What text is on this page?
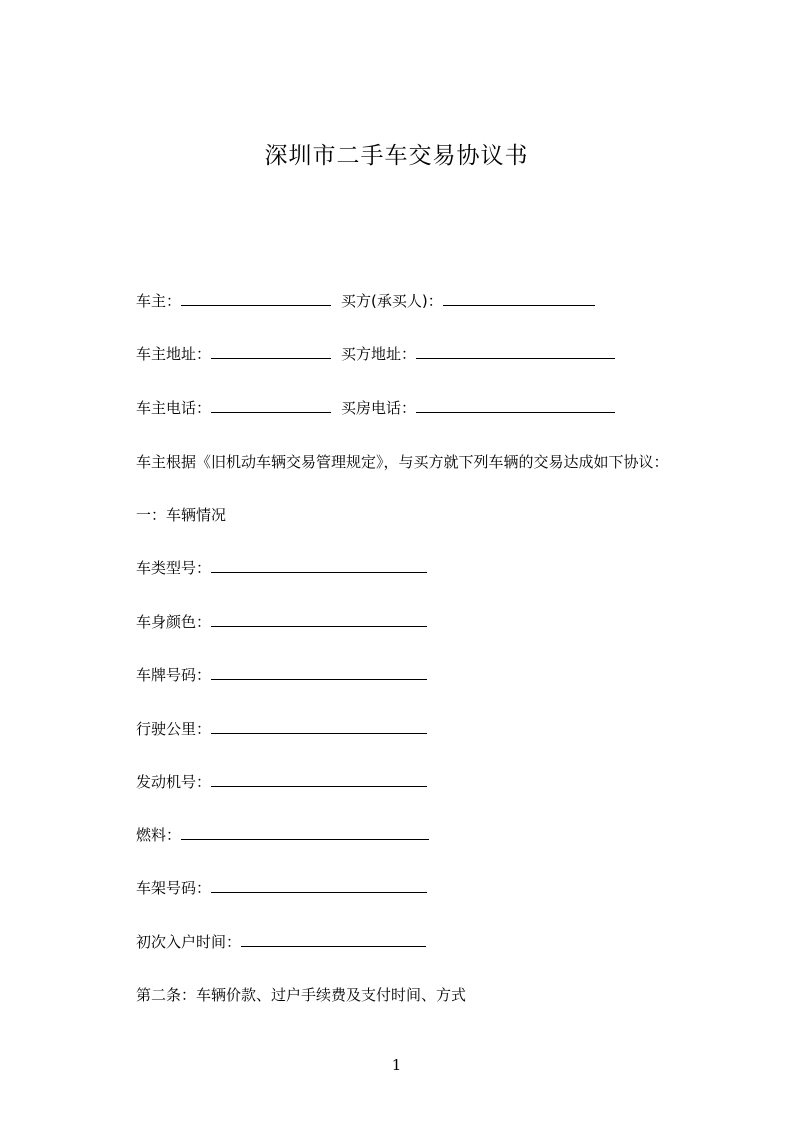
深圳市二手车交易协议书
车主：	买方(承买人)：
车主地址：	买方地址：
车主电话：	买房电话：
车主根据《旧机动车辆交易管理规定》，与买方就下列车辆的交易达成如下协议：
一：车辆情况
车类型号：
车身颜色：
车牌号码：
行驶公里：
发动机号：
燃料：
车架号码：
初次入户时间：
第二条：车辆价款、过户手续费及支付时间、方式
1
